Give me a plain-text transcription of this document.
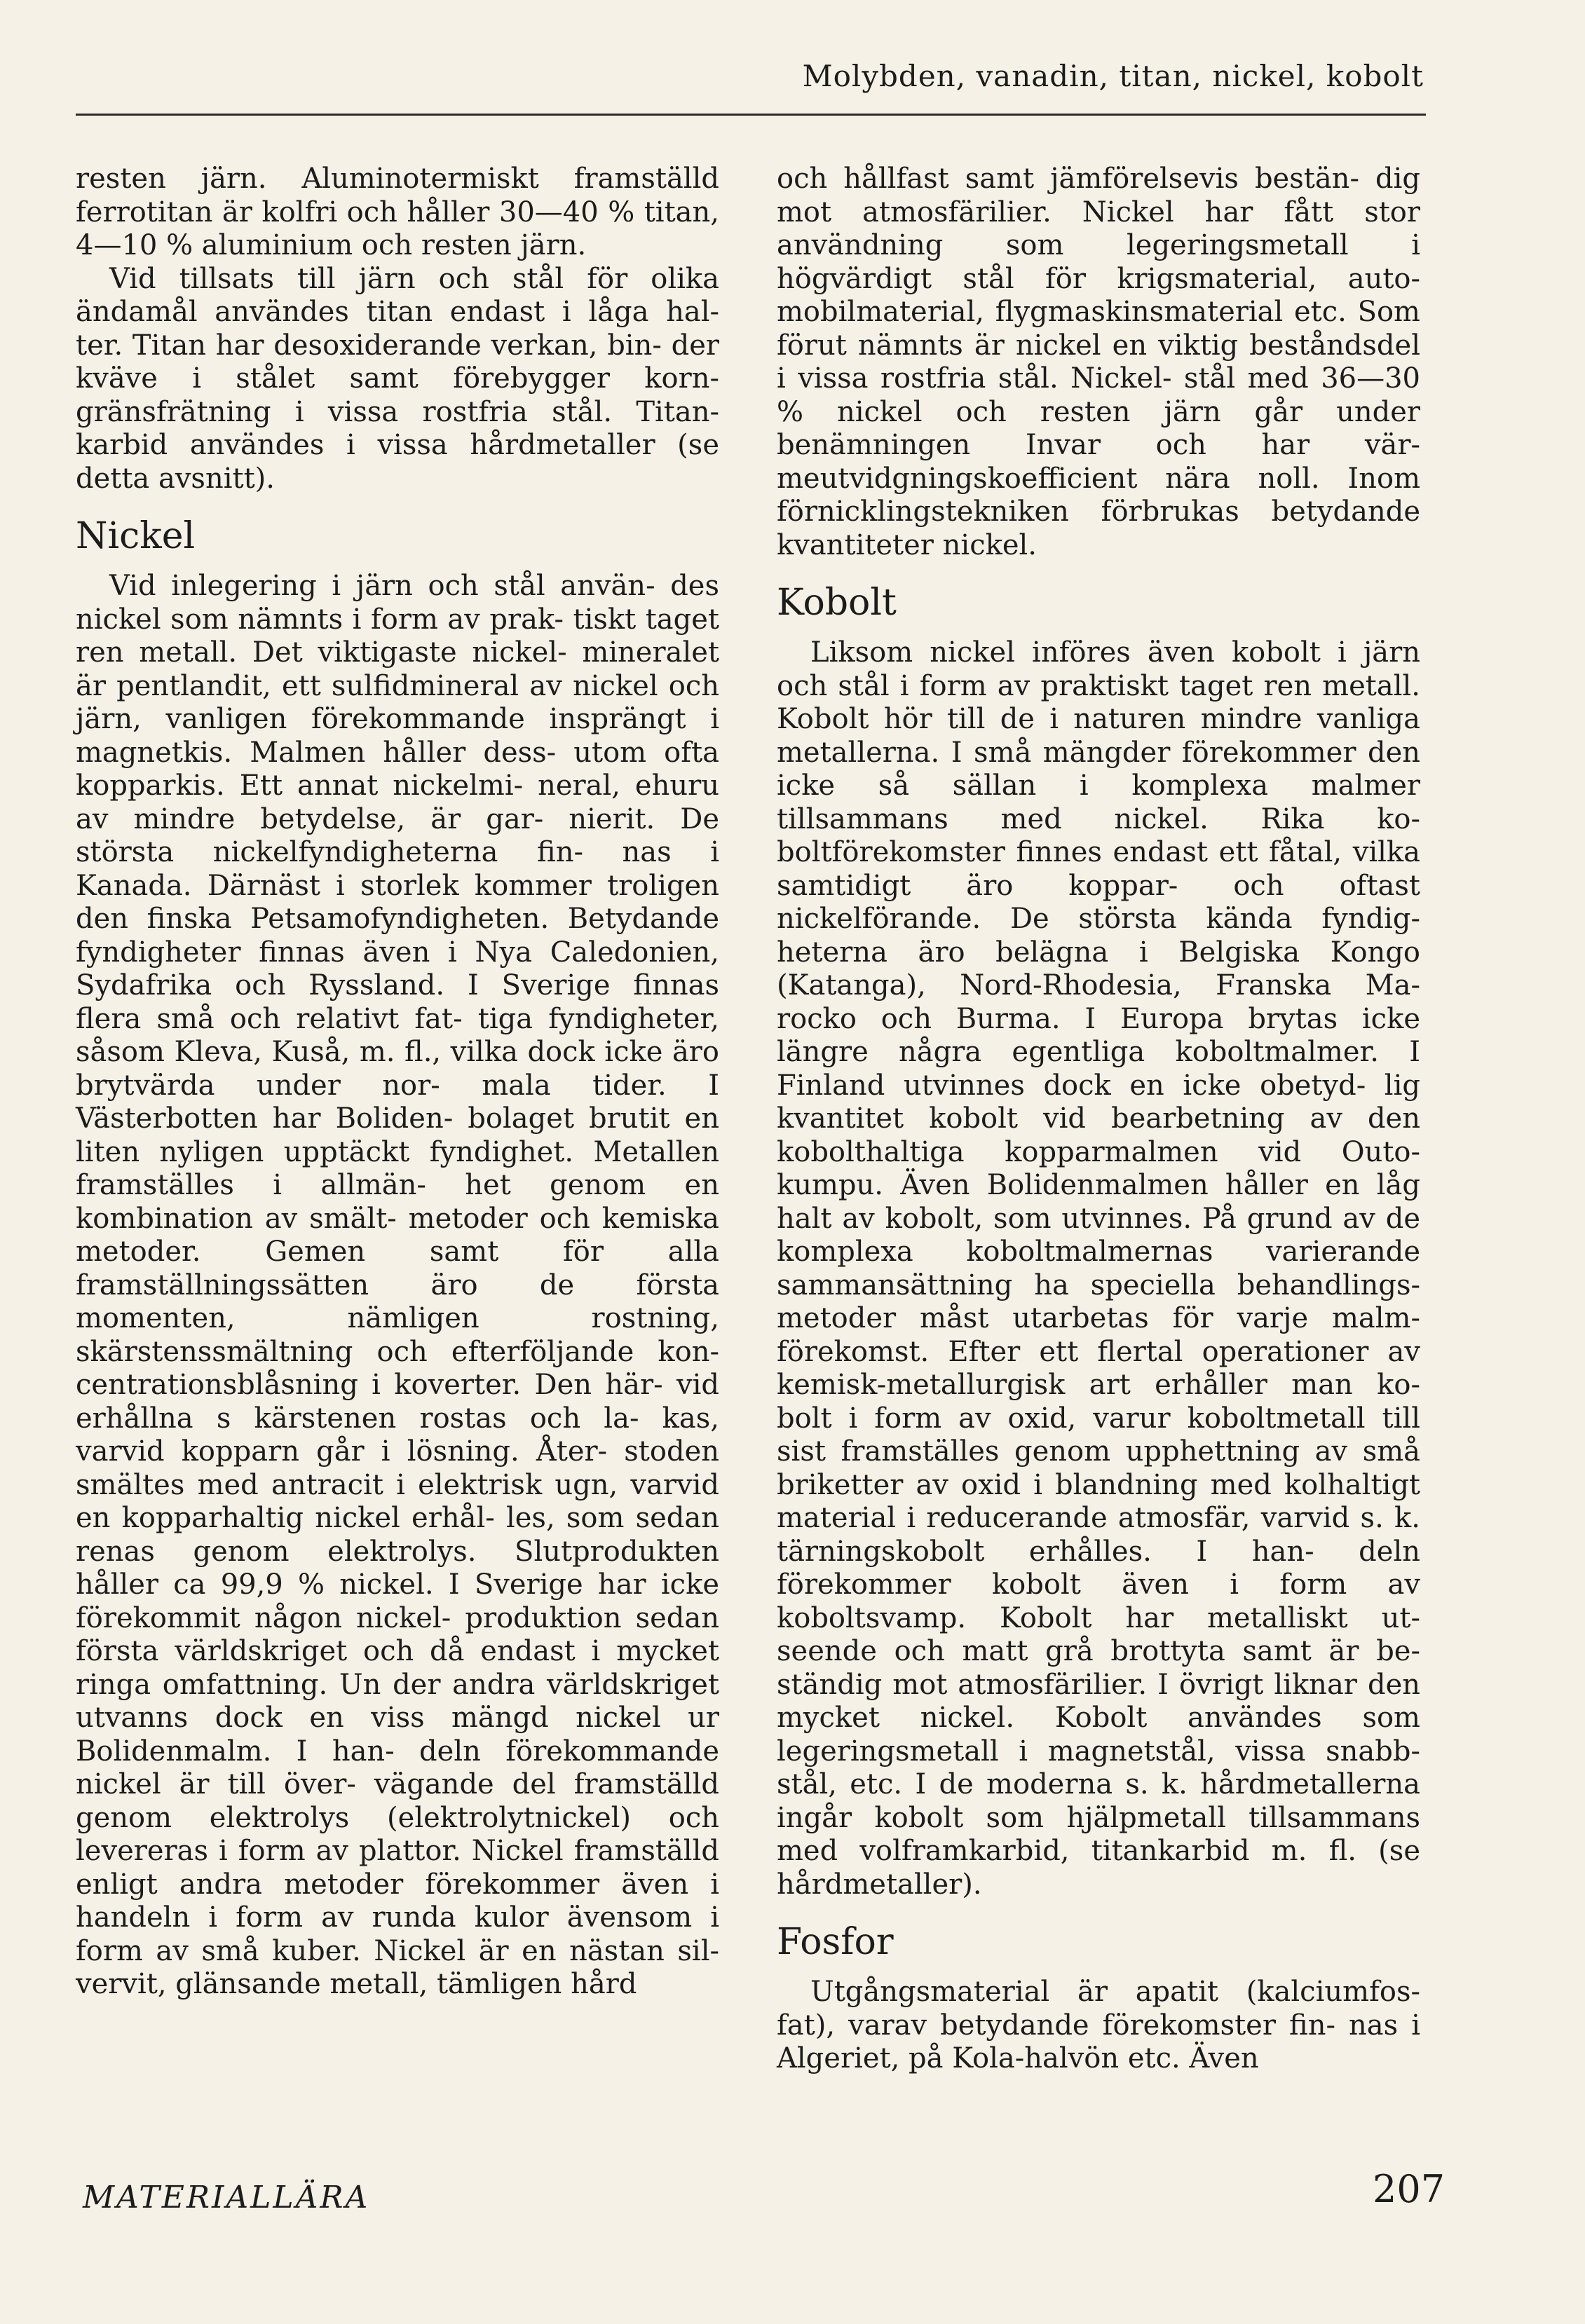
Molybden, vanadin, titan, nickel, kobolt

resten järn. Aluminotermiskt framställd ferrotitan är kolfri och håller 30—40 % titan, 4—10 % aluminium och resten järn.

Vid tillsats till järn och stål för olika ändamål användes titan endast i låga hal- ter. Titan har desoxiderande verkan, bin- der kväve i stålet samt förebygger korn- gränsfrätning i vissa rostfria stål. Titan- karbid användes i vissa hårdmetaller (se detta avsnitt).

Nickel

Vid inlegering i järn och stål använ- des nickel som nämnts i form av prak- tiskt taget ren metall. Det viktigaste nickel- mineralet är pentlandit, ett sulfidmineral av nickel och järn, vanligen förekommande insprängt i magnetkis. Malmen håller dess- utom ofta kopparkis. Ett annat nickelmi- neral, ehuru av mindre betydelse, är gar- nierit. De största nickelfyndigheterna fin- nas i Kanada. Därnäst i storlek kommer troligen den finska Petsamofyndigheten. Betydande fyndigheter finnas även i Nya Caledonien, Sydafrika och Ryssland. I Sverige finnas flera små och relativt fat- tiga fyndigheter, såsom Kleva, Kuså, m. fl., vilka dock icke äro brytvärda under nor- mala tider. I Västerbotten har Boliden- bolaget brutit en liten nyligen upptäckt fyndighet. Metallen framställes i allmän- het genom en kombination av smält- metoder och kemiska metoder. Gemen samt för alla framställningssätten äro de första momenten, nämligen rostning, skärstenssmältning och efterföljande kon- centrationsblåsning i koverter. Den här- vid erhållna s kärstenen rostas och la- kas, varvid kopparn går i lösning. Åter- stoden smältes med antracit i elektrisk ugn, varvid en kopparhaltig nickel erhål- les, som sedan renas genom elektrolys. Slutprodukten håller ca 99,9 % nickel. I Sverige har icke förekommit någon nickel- produktion sedan första världskriget och då endast i mycket ringa omfattning. Un der andra världskriget utvanns dock en viss mängd nickel ur Bolidenmalm. I han- deln förekommande nickel är till över- vägande del framställd genom elektrolys (elektrolytnickel) och levereras i form av plattor. Nickel framställd enligt andra metoder förekommer även i handeln i form av runda kulor ävensom i form av små kuber. Nickel är en nästan sil- vervit, glänsande metall, tämligen hård

och hållfast samt jämförelsevis bestän- dig mot atmosfärilier. Nickel har fått stor användning som legeringsmetall i högvärdigt stål för krigsmaterial, auto- mobilmaterial, flygmaskinsmaterial etc. Som förut nämnts är nickel en viktig beståndsdel i vissa rostfria stål. Nickel- stål med 36—30 % nickel och resten järn går under benämningen Invar och har vär- meutvidgningskoefficient nära noll. Inom förnicklingstekniken förbrukas betydande kvantiteter nickel.

Kobolt

Liksom nickel införes även kobolt i järn och stål i form av praktiskt taget ren metall. Kobolt hör till de i naturen mindre vanliga metallerna. I små mängder förekommer den icke så sällan i komplexa malmer tillsammans med nickel. Rika ko- boltförekomster finnes endast ett fåtal, vilka samtidigt äro koppar- och oftast nickelförande. De största kända fyndig- heterna äro belägna i Belgiska Kongo (Katanga), Nord-Rhodesia, Franska Ma- rocko och Burma. I Europa brytas icke längre några egentliga koboltmalmer. I Finland utvinnes dock en icke obetyd- lig kvantitet kobolt vid bearbetning av den kobolthaltiga kopparmalmen vid Outo- kumpu. Även Bolidenmalmen håller en låg halt av kobolt, som utvinnes. På grund av de komplexa koboltmalmernas varierande sammansättning ha speciella behandlings- metoder måst utarbetas för varje malm- förekomst. Efter ett flertal operationer av kemisk-metallurgisk art erhåller man ko- bolt i form av oxid, varur koboltmetall till sist framställes genom upphettning av små briketter av oxid i blandning med kolhaltigt material i reducerande atmosfär, varvid s. k. tärningskobolt erhålles. I han- deln förekommer kobolt även i form av koboltsvamp. Kobolt har metalliskt ut- seende och matt grå brottyta samt är be- ständig mot atmosfärilier. I övrigt liknar den mycket nickel. Kobolt användes som legeringsmetall i magnetstål, vissa snabb- stål, etc. I de moderna s. k. hårdmetallerna ingår kobolt som hjälpmetall tillsammans med volframkarbid, titankarbid m. fl. (se hårdmetaller).

Fosfor

Utgångsmaterial är apatit (kalciumfos- fat), varav betydande förekomster fin- nas i Algeriet, på Kola-halvön etc. Även

MATERIALLÄRA	207
